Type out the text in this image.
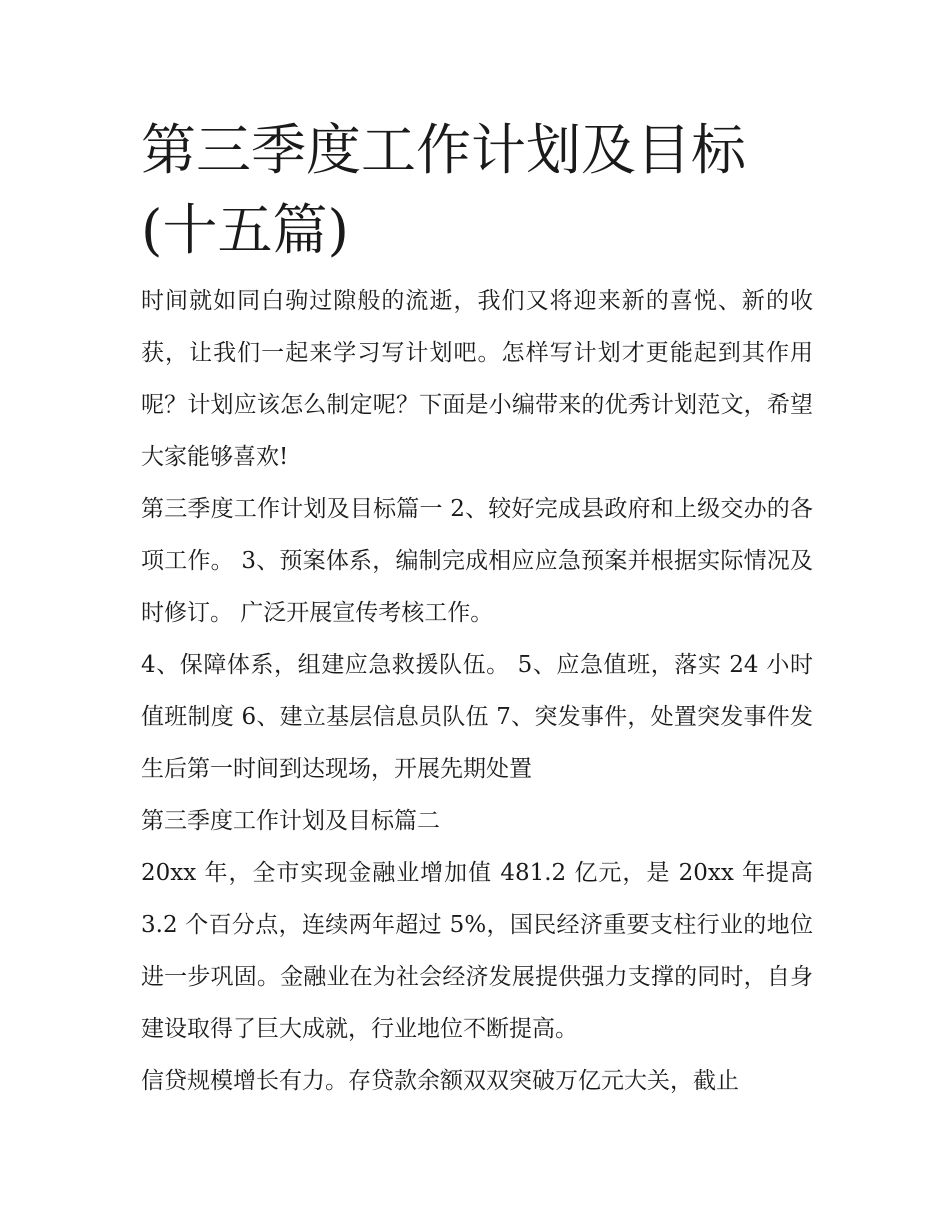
第三季度工作计划及目标(十五篇)

时间就如同白驹过隙般的流逝，我们又将迎来新的喜悦、新的收获，让我们一起来学习写计划吧。怎样写计划才更能起到其作用呢？计划应该怎么制定呢？下面是小编带来的优秀计划范文，希望大家能够喜欢!

第三季度工作计划及目标篇一 2、较好完成县政府和上级交办的各项工作。 3、预案体系，编制完成相应应急预案并根据实际情况及时修订。 广泛开展宣传考核工作。

4、保障体系，组建应急救援队伍。 5、应急值班，落实 24 小时值班制度 6、建立基层信息员队伍 7、突发事件，处置突发事件发生后第一时间到达现场，开展先期处置

第三季度工作计划及目标篇二

20xx 年，全市实现金融业增加值 481.2 亿元，是 20xx 年提高 3.2 个百分点，连续两年超过 5%，国民经济重要支柱行业的地位进一步巩固。金融业在为社会经济发展提供强力支撑的同时，自身建设取得了巨大成就，行业地位不断提高。

信贷规模增长有力。存贷款余额双双突破万亿元大关，截止
